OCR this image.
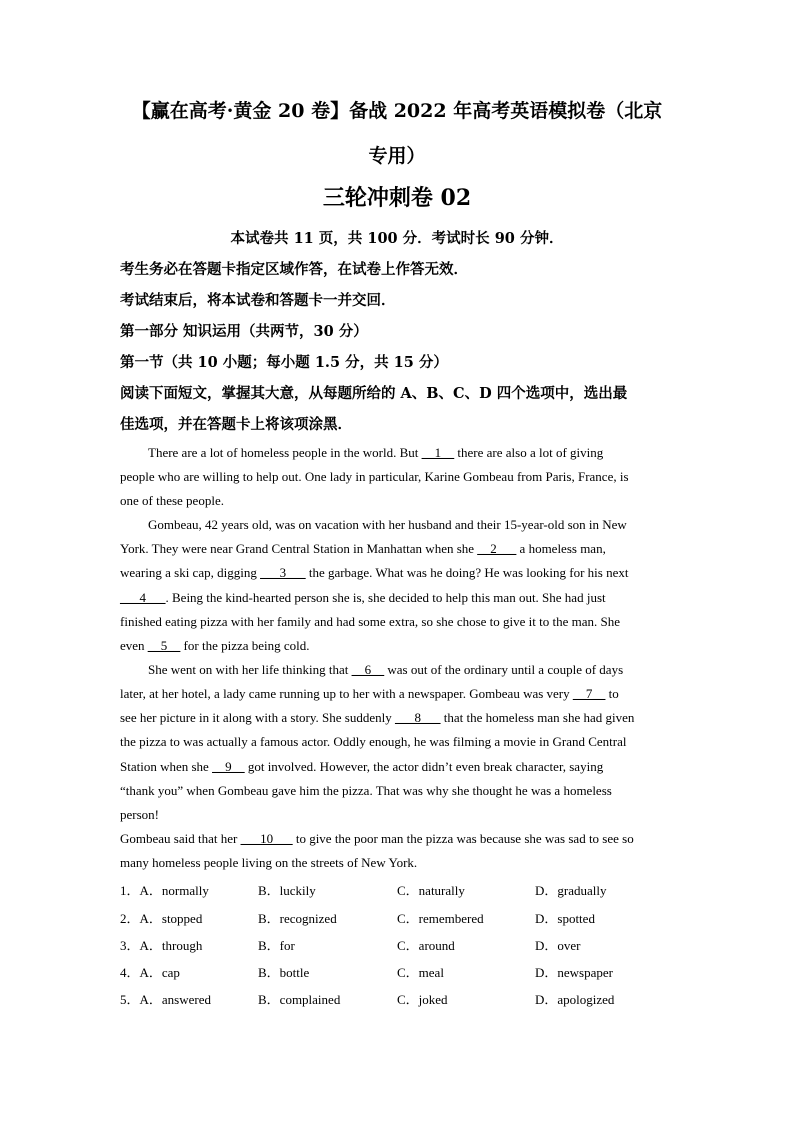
【赢在高考·黄金 20 卷】备战 2022 年高考英语模拟卷（北京
专用）
三轮冲刺卷 02
本试卷共 11 页，共 100 分．考试时长 90 分钟．
考生务必在答题卡指定区域作答，在试卷上作答无效．
考试结束后，将本试卷和答题卡一并交回．
第一部分 知识运用（共两节，30 分）
第一节（共 10 小题；每小题 1.5 分，共 15 分）
阅读下面短文，掌握其大意，从每题所给的 A、B、C、D 四个选项中，选出最
佳选项，并在答题卡上将该项涂黑．
There are a lot of homeless people in the world. But __1__ there are also a lot of giving
people who are willing to help out. One lady in particular, Karine Gombeau from Paris, France, is
one of these people.
Gombeau, 42 years old, was on vacation with her husband and their 15-year-old son in New
York. They were near Grand Central Station in Manhattan when she __2___ a homeless man,
wearing a ski cap, digging ___3___ the garbage. What was he doing? He was looking for his next
___4___. Being the kind-hearted person she is, she decided to help this man out. She had just
finished eating pizza with her family and had some extra, so she chose to give it to the man. She
even __5__ for the pizza being cold.
She went on with her life thinking that __6__ was out of the ordinary until a couple of days
later, at her hotel, a lady came running up to her with a newspaper. Gombeau was very __7__ to
see her picture in it along with a story. She suddenly ___8___ that the homeless man she had given
the pizza to was actually a famous actor. Oddly enough, he was filming a movie in Grand Central
Station when she __9__ got involved. However, the actor didn’t even break character, saying
“thank you” when Gombeau gave him the pizza. That was why she thought he was a homeless
person!
Gombeau said that her ___10___ to give the poor man the pizza was because she was sad to see so
many homeless people living on the streets of New York.
1．A．normally	B．luckily	C．naturally	D．gradually
2．A．stopped	B．recognized	C．remembered	D．spotted
3．A．through	B．for	C．around	D．over
4．A．cap	B．bottle	C．meal	D．newspaper
5．A．answered	B．complained	C．joked	D．apologized
